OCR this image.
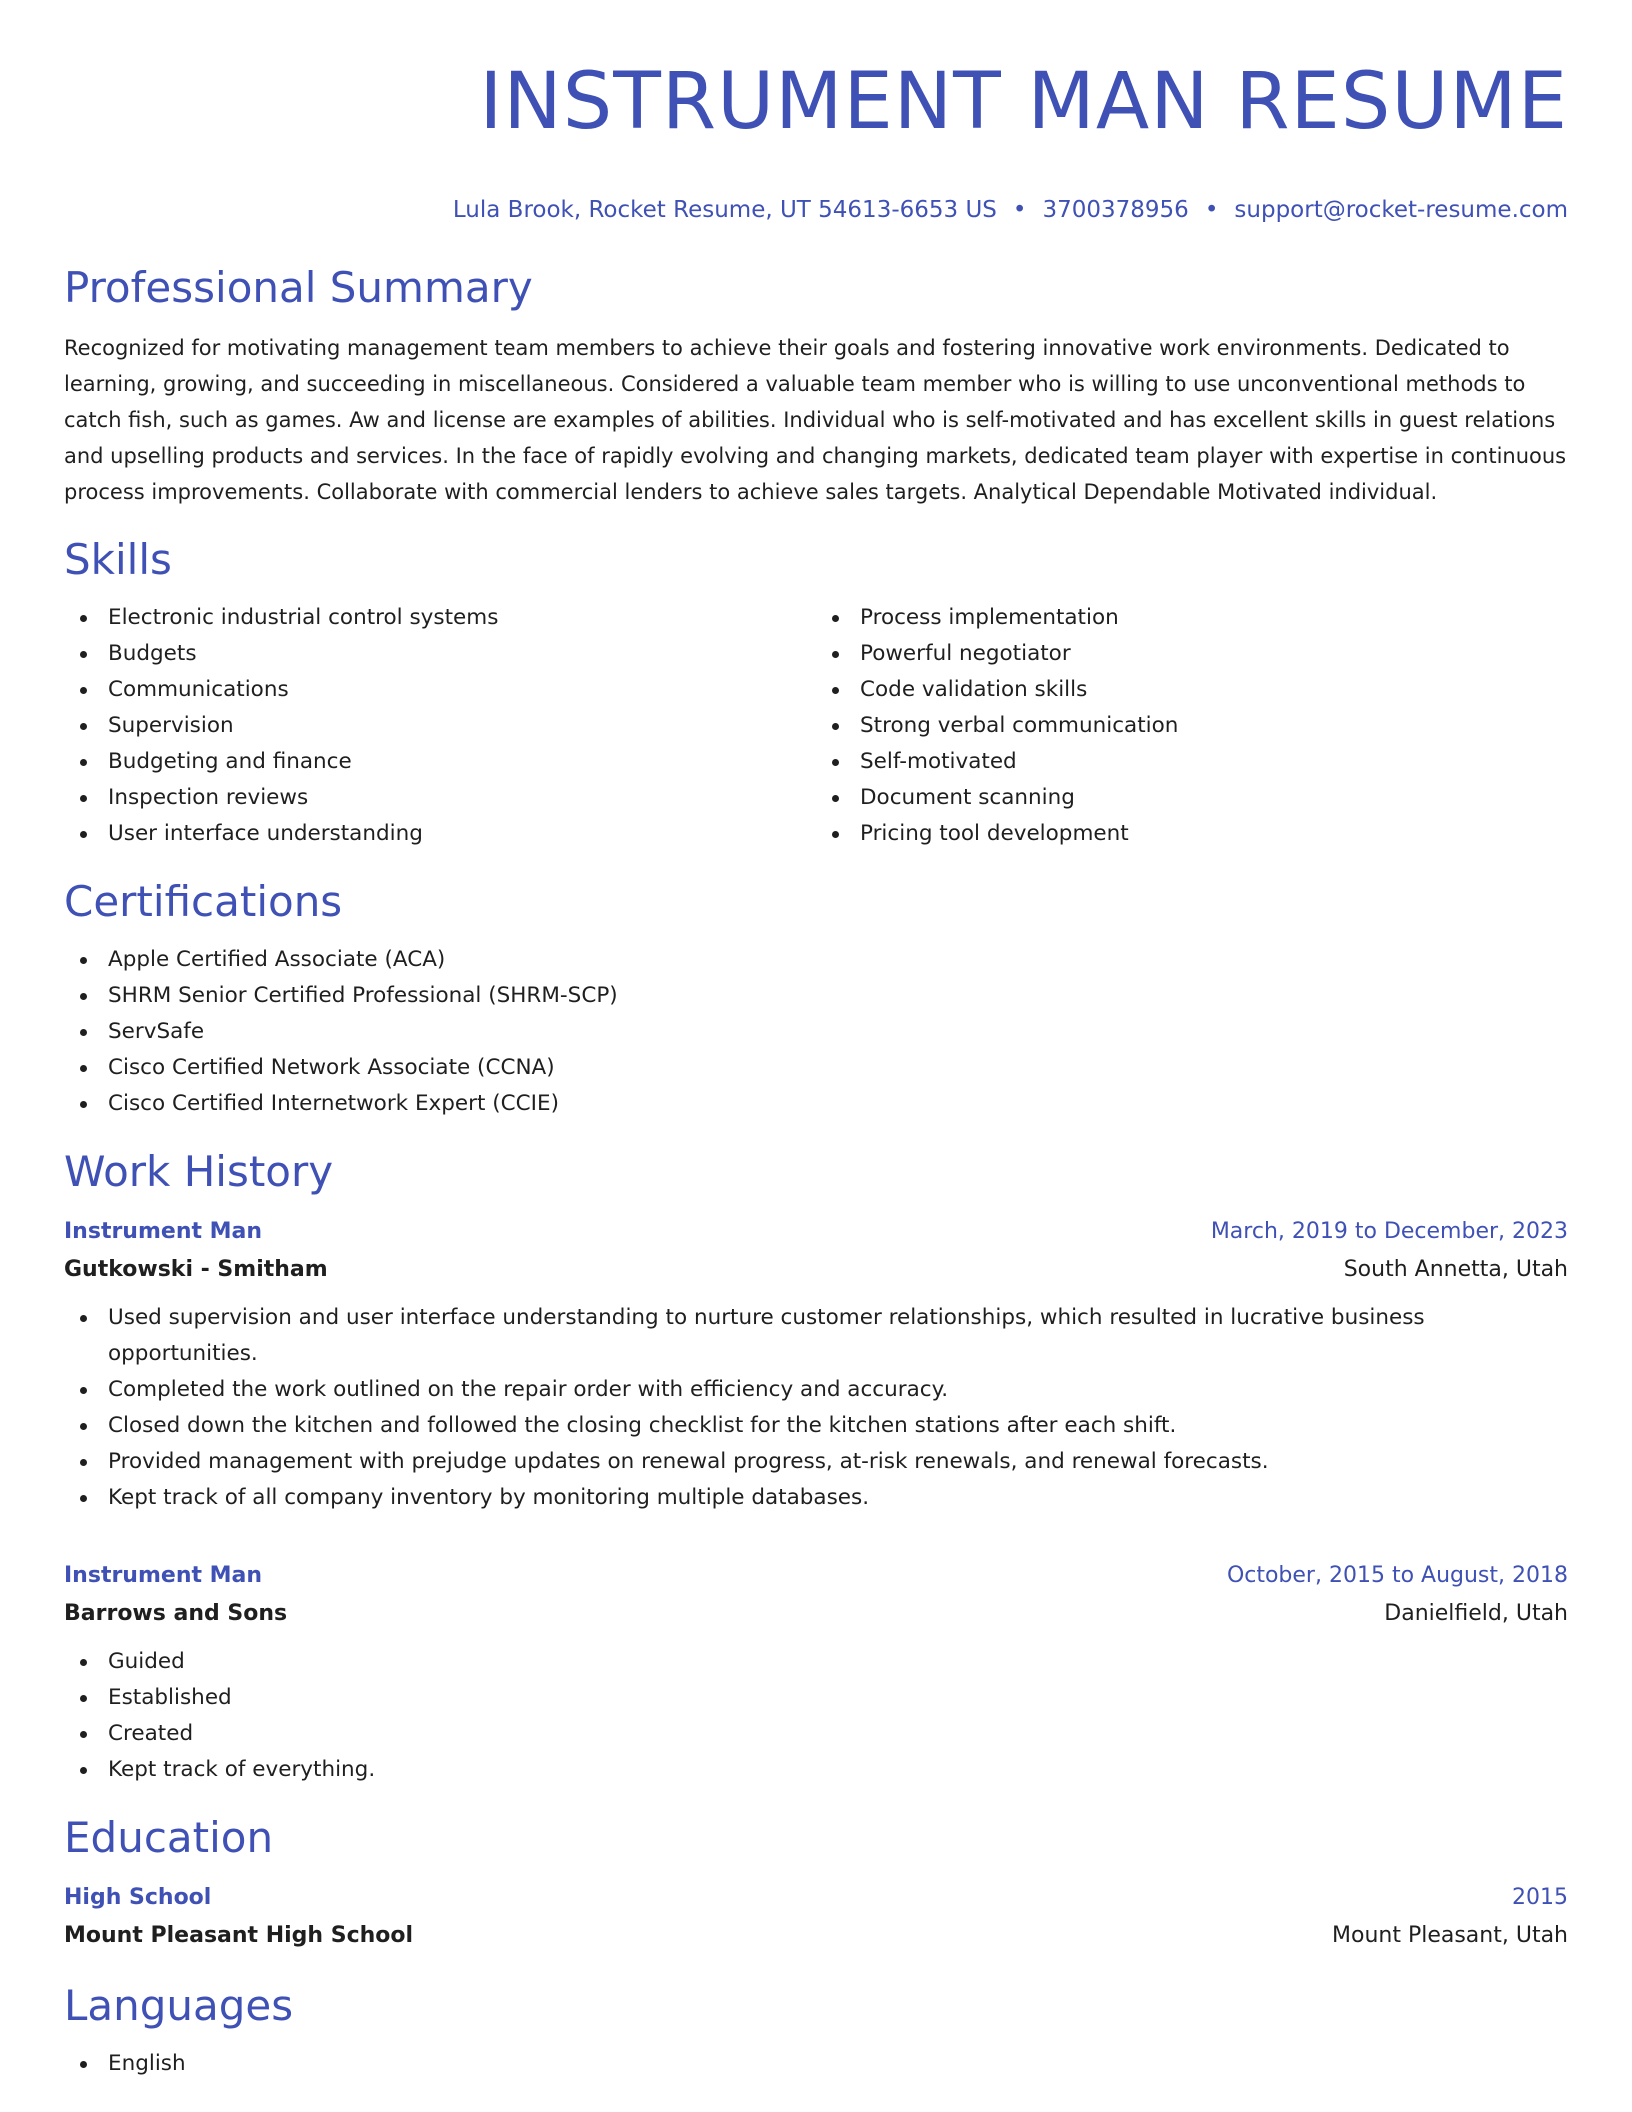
INSTRUMENT MAN RESUME
Lula Brook, Rocket Resume, UT 54613-6653 US • 3700378956 • support@rocket-resume.com
Professional Summary

Recognized for motivating management team members to achieve their goals and fostering innovative work environments. Dedicated to learning, growing, and succeeding in miscellaneous. Considered a valuable team member who is willing to use unconventional methods to catch fish, such as games. Aw and license are examples of abilities. Individual who is self-motivated and has excellent skills in guest relations and upselling products and services. In the face of rapidly evolving and changing markets, dedicated team player with expertise in continuous process improvements. Collaborate with commercial lenders to achieve sales targets. Analytical Dependable Motivated individual.

Skills
Electronic industrial control systems
Budgets
Communications
Supervision
Budgeting and finance
Inspection reviews
User interface understanding
Process implementation
Powerful negotiator
Code validation skills
Strong verbal communication
Self-motivated
Document scanning
Pricing tool development
Certifications
Apple Certified Associate (ACA)
SHRM Senior Certified Professional (SHRM-SCP)
ServSafe
Cisco Certified Network Associate (CCNA)
Cisco Certified Internetwork Expert (CCIE)
Work History
Instrument Man	March, 2019 to December, 2023
Gutkowski - Smitham	South Annetta, Utah
Used supervision and user interface understanding to nurture customer relationships, which resulted in lucrative business opportunities.
Completed the work outlined on the repair order with efficiency and accuracy.
Closed down the kitchen and followed the closing checklist for the kitchen stations after each shift.
Provided management with prejudge updates on renewal progress, at-risk renewals, and renewal forecasts.
Kept track of all company inventory by monitoring multiple databases.
Instrument Man	October, 2015 to August, 2018
Barrows and Sons	Danielfield, Utah
Guided
Established
Created
Kept track of everything.
Education
High School	2015
Mount Pleasant High School	Mount Pleasant, Utah
Languages
English
